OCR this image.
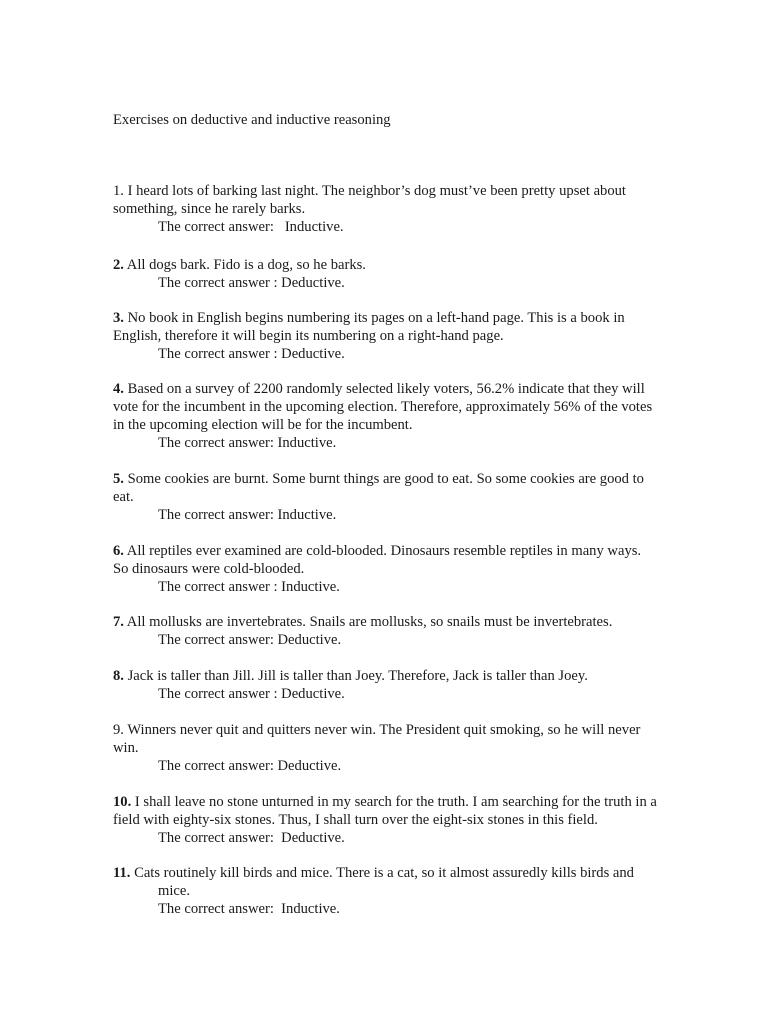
Exercises on deductive and inductive reasoning
1. I heard lots of barking last night. The neighbor’s dog must’ve been pretty upset about something, since he rarely barks.
The correct answer:   Inductive.
2. All dogs bark. Fido is a dog, so he barks.
The correct answer : Deductive.
3. No book in English begins numbering its pages on a left-hand page. This is a book in English, therefore it will begin its numbering on a right-hand page.
The correct answer : Deductive.
4. Based on a survey of 2200 randomly selected likely voters, 56.2% indicate that they will vote for the incumbent in the upcoming election. Therefore, approximately 56% of the votes in the upcoming election will be for the incumbent.
The correct answer: Inductive.
5. Some cookies are burnt. Some burnt things are good to eat. So some cookies are good to eat.
The correct answer: Inductive.
6. All reptiles ever examined are cold-blooded. Dinosaurs resemble reptiles in many ways. So dinosaurs were cold-blooded.
The correct answer : Inductive.
7. All mollusks are invertebrates. Snails are mollusks, so snails must be invertebrates.
The correct answer: Deductive.
8. Jack is taller than Jill. Jill is taller than Joey. Therefore, Jack is taller than Joey.
The correct answer : Deductive.
9. Winners never quit and quitters never win. The President quit smoking, so he will never win.
The correct answer: Deductive.
10. I shall leave no stone unturned in my search for the truth. I am searching for the truth in a field with eighty-six stones. Thus, I shall turn over the eight-six stones in this field.
The correct answer:  Deductive.
11. Cats routinely kill birds and mice. There is a cat, so it almost assuredly kills birds and
mice.
The correct answer:  Inductive.
